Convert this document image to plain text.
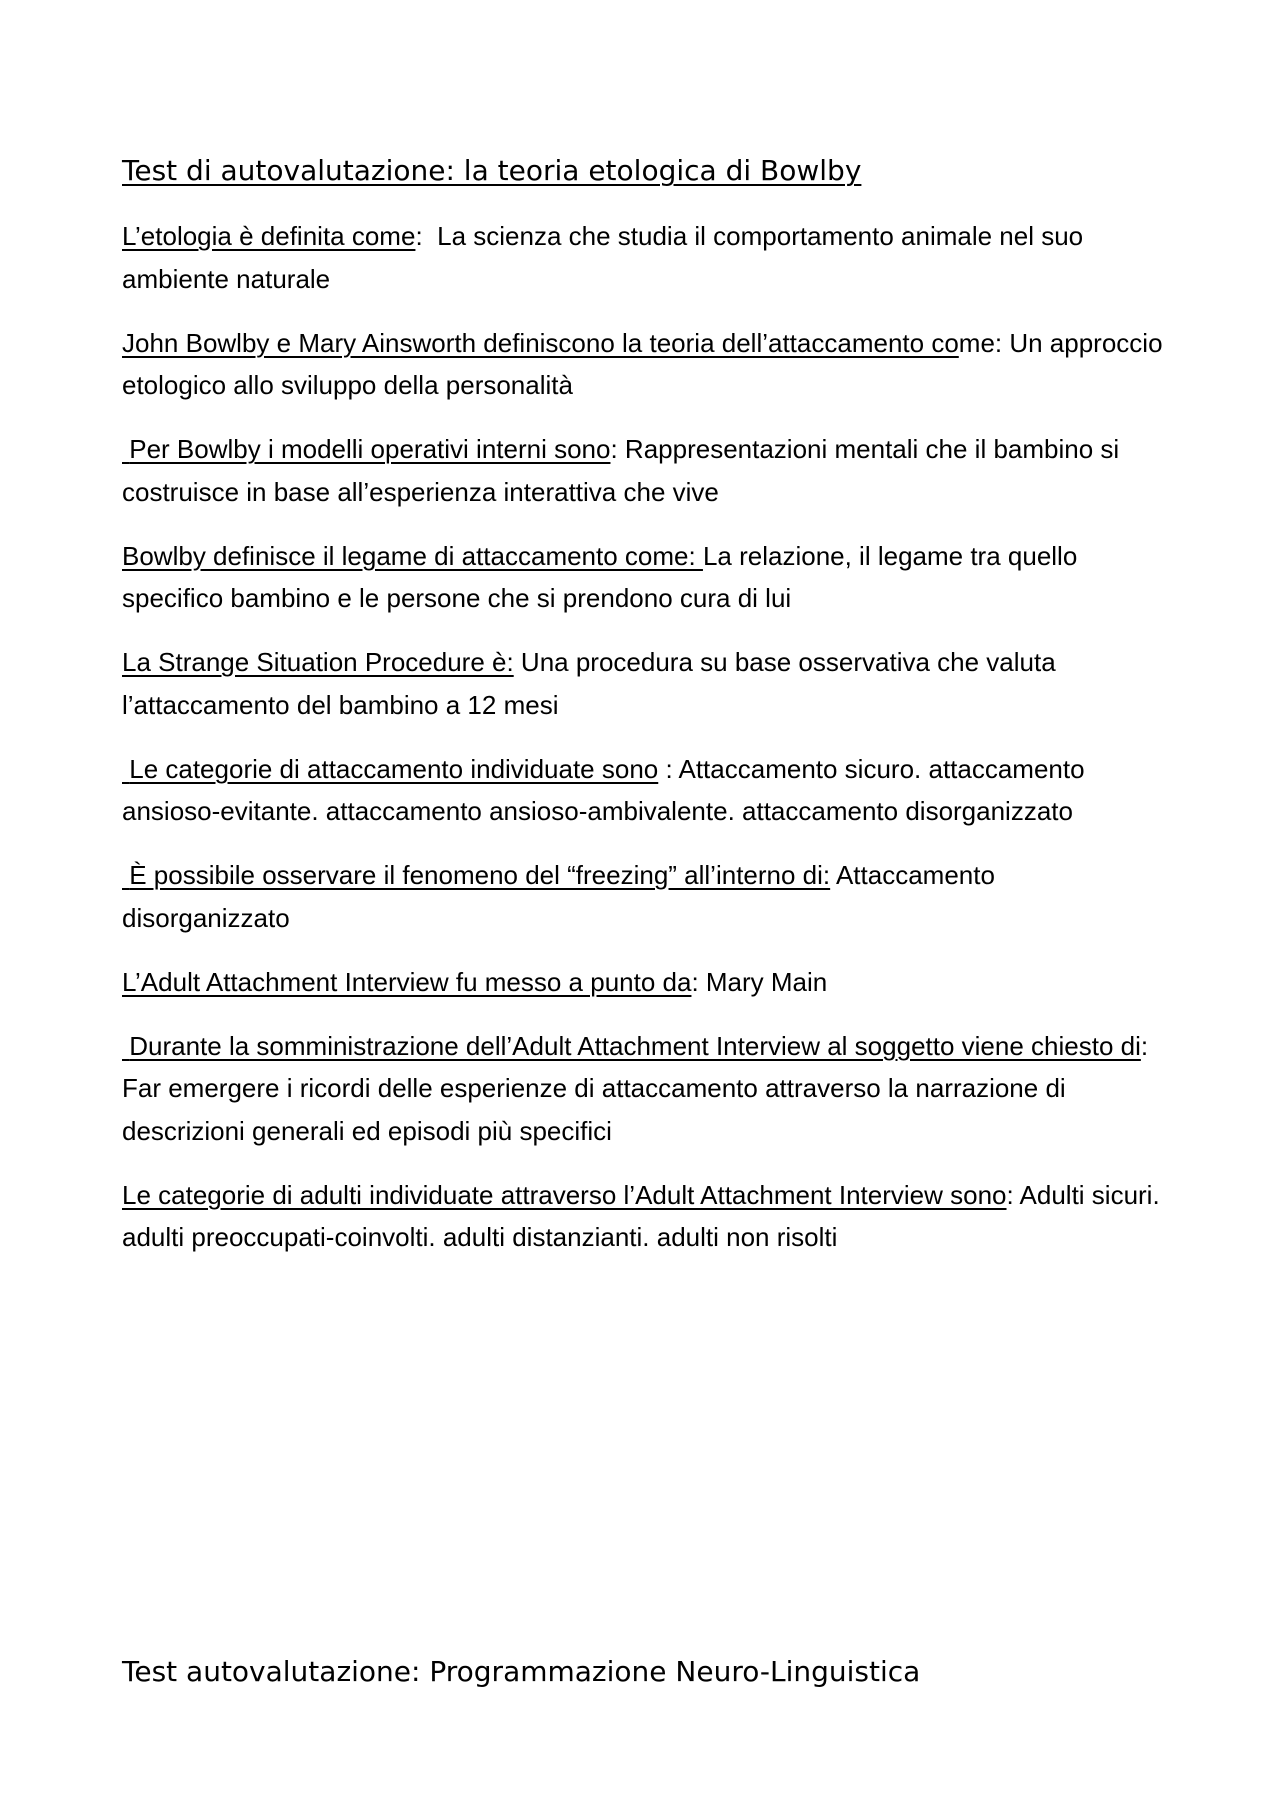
Test di autovalutazione: la teoria etologica di Bowlby

L’etologia è definita come:  La scienza che studia il comportamento animale nel suo ambiente naturale

John Bowlby e Mary Ainsworth definiscono la teoria dell’attaccamento come: Un approccio etologico allo sviluppo della personalità

Per Bowlby i modelli operativi interni sono: Rappresentazioni mentali che il bambino si costruisce in base all’esperienza interattiva che vive

Bowlby definisce il legame di attaccamento come: La relazione, il legame tra quello specifico bambino e le persone che si prendono cura di lui

La Strange Situation Procedure è: Una procedura su base osservativa che valuta l’attaccamento del bambino a 12 mesi

Le categorie di attaccamento individuate sono : Attaccamento sicuro. attaccamento ansioso-evitante. attaccamento ansioso-ambivalente. attaccamento disorganizzato

È possibile osservare il fenomeno del “freezing” all’interno di: Attaccamento disorganizzato

L’Adult Attachment Interview fu messo a punto da: Mary Main

Durante la somministrazione dell’Adult Attachment Interview al soggetto viene chiesto di:  Far emergere i ricordi delle esperienze di attaccamento attraverso la narrazione di descrizioni generali ed episodi più specifici

Le categorie di adulti individuate attraverso l’Adult Attachment Interview sono: Adulti sicuri. adulti preoccupati-coinvolti. adulti distanzianti. adulti non risolti

Test autovalutazione: Programmazione Neuro-Linguistica
